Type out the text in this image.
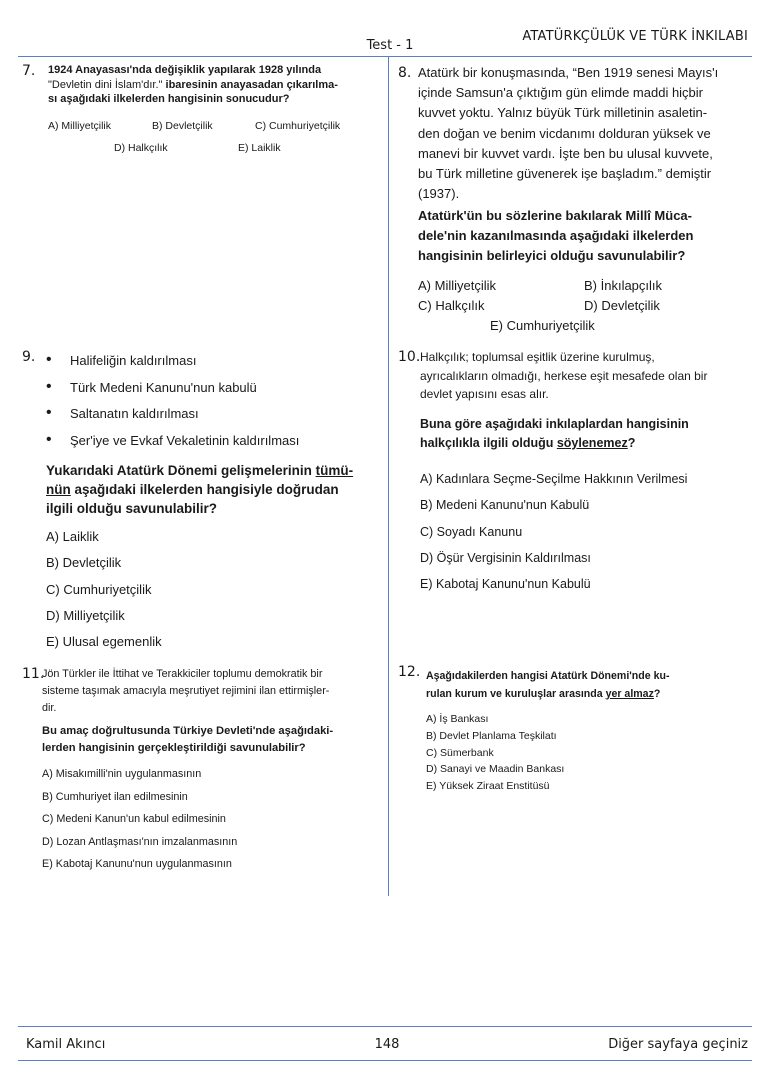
ATATÜRKÇÜLÜK VE TÜRK İNKILABI
Test - 1
7. 1924 Anayasası'nda değişiklik yapılarak 1928 yılında
"Devletin dini İslam'dır." ibaresinin anayasadan çıkarılma-
sı aşağıdaki ilkelerden hangisinin sonucudur?
A) Milliyetçilik	B) Devletçilik	C) Cumhuriyetçilik
D) Halkçılık	E) Laiklik
8. Atatürk bir konuşmasında, “Ben 1919 senesi Mayıs'ı
içinde Samsun'a çıktığım gün elimde maddi hiçbir
kuvvet yoktu. Yalnız büyük Türk milletinin asaletin-
den doğan ve benim vicdanımı dolduran yüksek ve
manevi bir kuvvet vardı. İşte ben bu ulusal kuvvete,
bu Türk milletine güvenerek işe başladım.” demiştir
(1937).
Atatürk'ün bu sözlerine bakılarak Millî Müca-
dele'nin kazanılmasında aşağıdaki ilkelerden
hangisinin belirleyici olduğu savunulabilir?
A) Milliyetçilik	B) İnkılapçılık
C) Halkçılık	D) Devletçilik
E) Cumhuriyetçilik
9.
•	Halifeliğin kaldırılması
• Türk Medeni Kanunu'nun kabulü
• Saltanatın kaldırılması
• Şer'iye ve Evkaf Vekaletinin kaldırılması
Yukarıdaki Atatürk Dönemi gelişmelerinin tümü-
nün aşağıdaki ilkelerden hangisiyle doğrudan
ilgili olduğu savunulabilir?
A) Laiklik
B) Devletçilik
C) Cumhuriyetçilik
D) Milliyetçilik
E) Ulusal egemenlik
10. Halkçılık; toplumsal eşitlik üzerine kurulmuş,
ayrıcalıkların olmadığı, herkese eşit mesafede olan bir
devlet yapısını esas alır.
Buna göre aşağıdaki inkılaplardan hangisinin
halkçılıkla ilgili olduğu söylenemez?
A) Kadınlara Seçme-Seçilme Hakkının Verilmesi
B) Medeni Kanunu'nun Kabulü
C) Soyadı Kanunu
D) Öşür Vergisinin Kaldırılması
E) Kabotaj Kanunu'nun Kabulü
11.
Jön Türkler ile İttihat ve Terakkiciler toplumu demokratik bir
sisteme taşımak amacıyla meşrutiyet rejimini ilan ettirmişler-
dir.
Bu amaç doğrultusunda Türkiye Devleti'nde aşağıdaki-
lerden hangisinin gerçekleştirildiği savunulabilir?
A) Misakımilli'nin uygulanmasının
B) Cumhuriyet ilan edilmesinin
C) Medeni Kanun'un kabul edilmesinin
D) Lozan Antlaşması'nın imzalanmasının
E) Kabotaj Kanunu'nun uygulanmasının
12. Aşağıdakilerden hangisi Atatürk Dönemi'nde ku-
rulan kurum ve kuruluşlar arasında yer almaz?
A) İş Bankası
B) Devlet Planlama Teşkilatı
C) Sümerbank
D) Sanayi ve Maadin Bankası
E) Yüksek Ziraat Enstitüsü
Kamil Akıncı	148	Diğer sayfaya geçiniz
